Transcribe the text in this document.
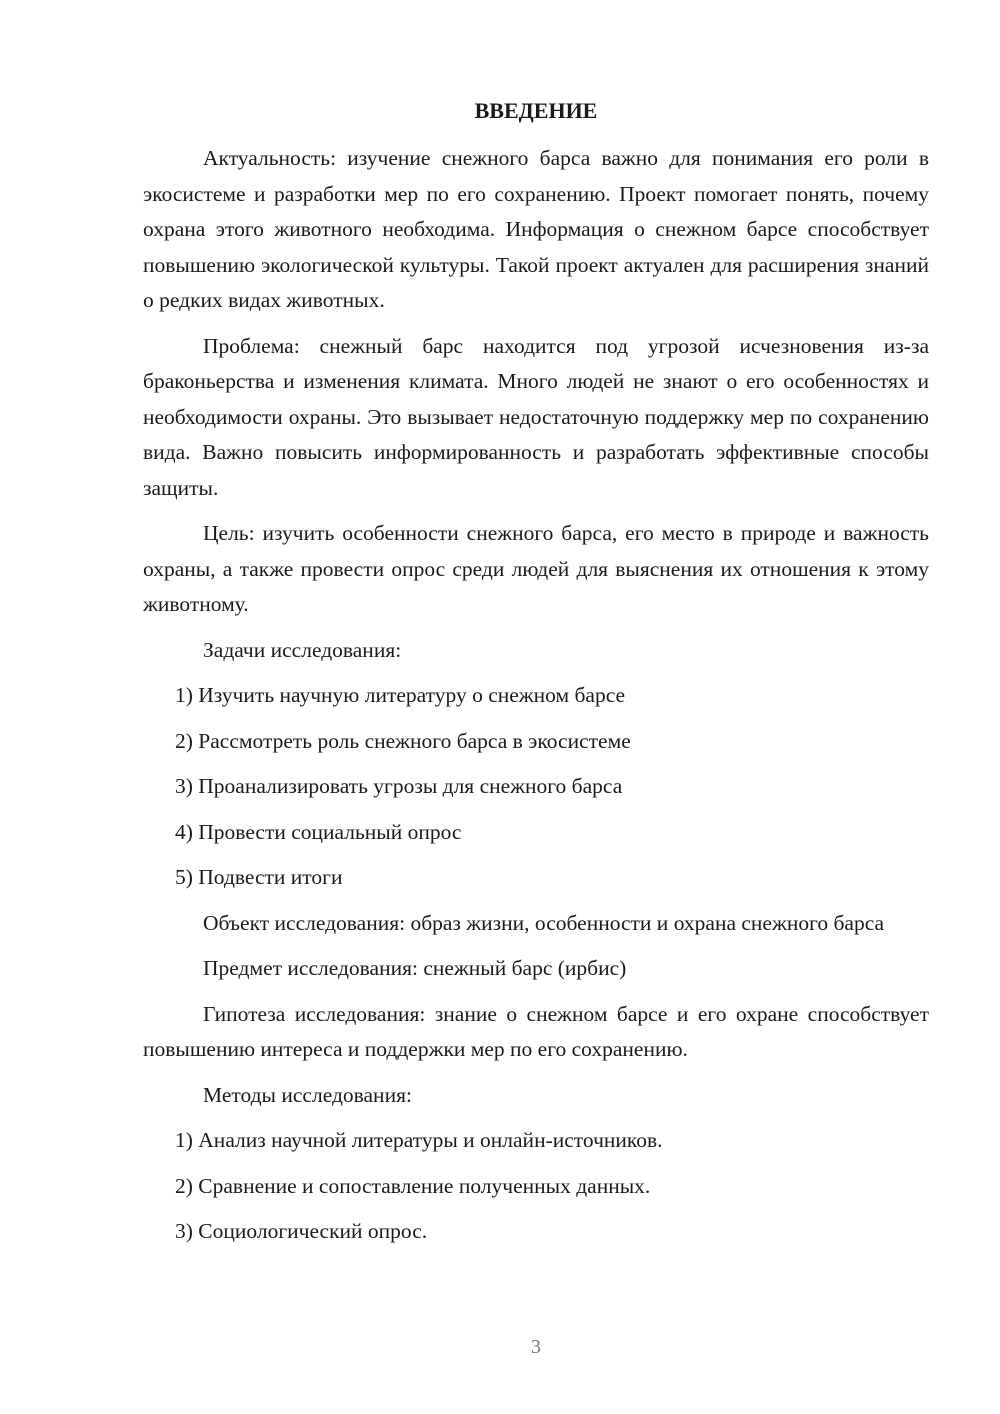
ВВЕДЕНИЕ

Актуальность: изучение снежного барса важно для понимания его роли в экосистеме и разработки мер по его сохранению. Проект помогает понять, почему охрана этого животного необходима. Информация о снежном барсе способствует повышению экологической культуры. Такой проект актуален для расширения знаний о редких видах животных.

Проблема: снежный барс находится под угрозой исчезновения из-за браконьерства и изменения климата. Много людей не знают о его особенностях и необходимости охраны. Это вызывает недостаточную поддержку мер по сохранению вида. Важно повысить информированность и разработать эффективные способы защиты.

Цель: изучить особенности снежного барса, его место в природе и важность охраны, а также провести опрос среди людей для выяснения их отношения к этому животному.

Задачи исследования:

1) Изучить научную литературу о снежном барсе

2) Рассмотреть роль снежного барса в экосистеме

3) Проанализировать угрозы для снежного барса

4) Провести социальный опрос

5) Подвести итоги

Объект исследования: образ жизни, особенности и охрана снежного барса

Предмет исследования: снежный барс (ирбис)

Гипотеза исследования: знание о снежном барсе и его охране способствует повышению интереса и поддержки мер по его сохранению.

Методы исследования:

1) Анализ научной литературы и онлайн-источников.

2) Сравнение и сопоставление полученных данных.

3) Социологический опрос.

3
